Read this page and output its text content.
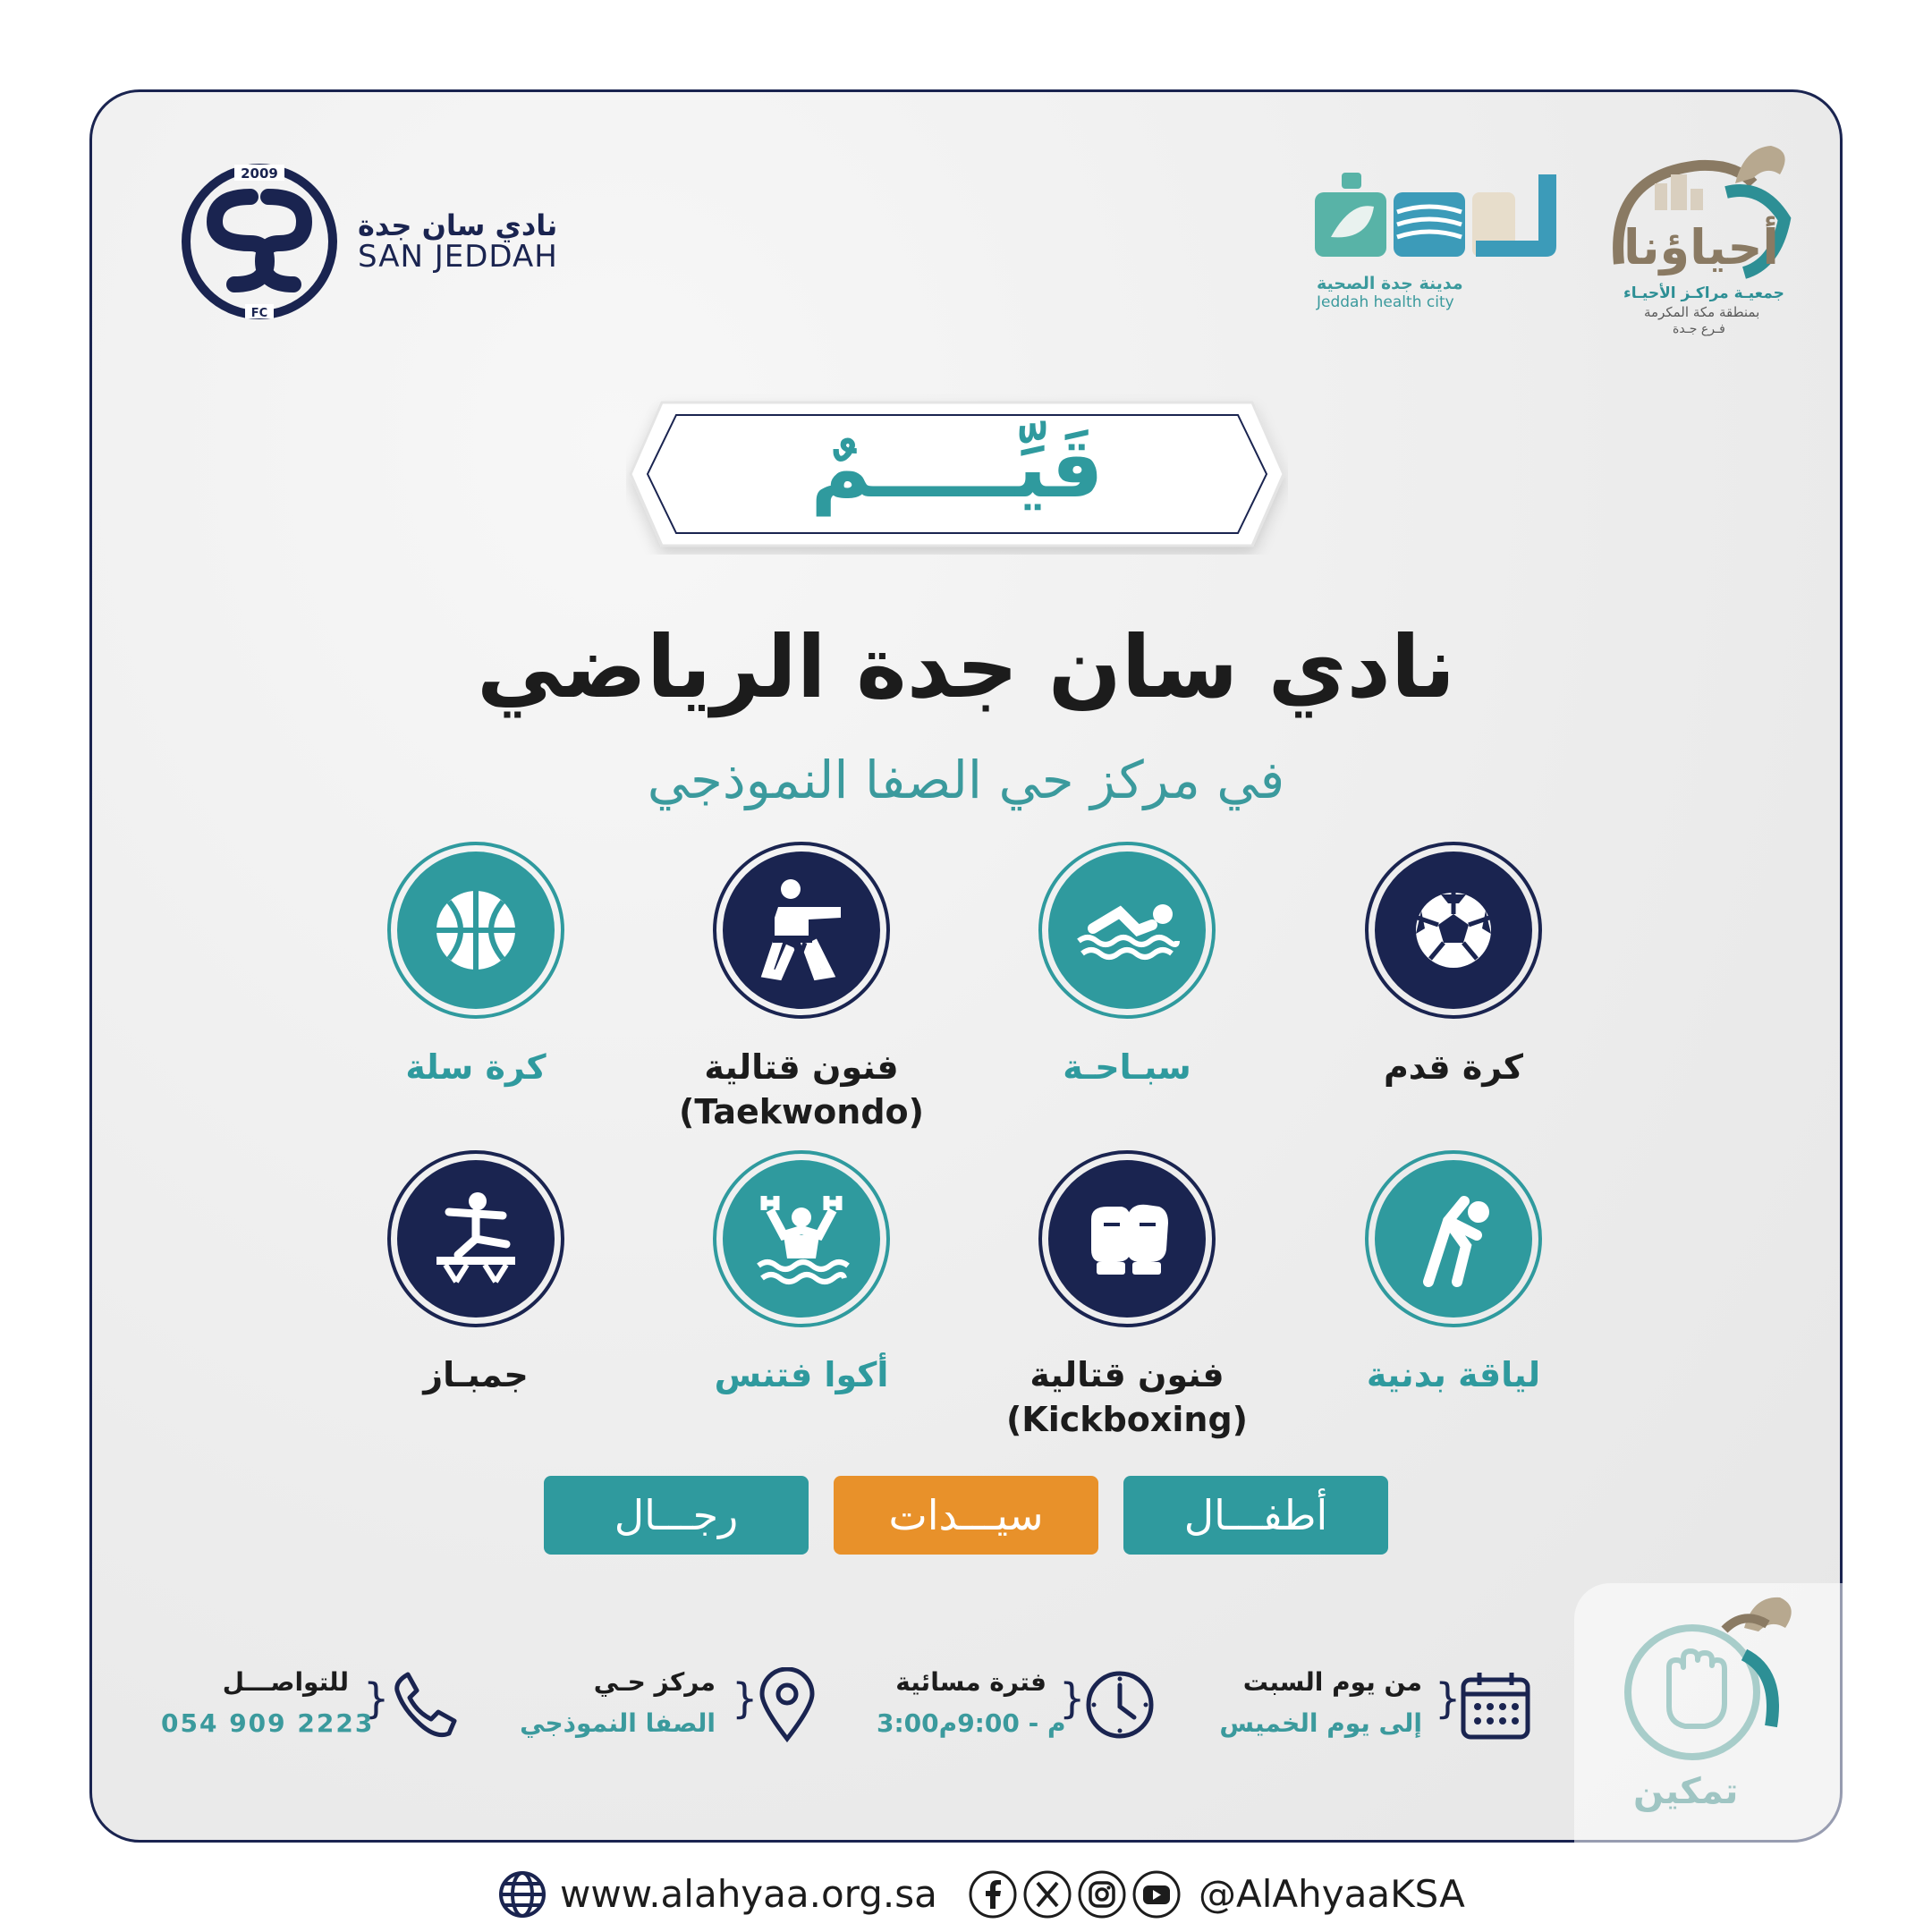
2009
FC
نادي سان جدة
SAN JEDDAH
مدينة جدة الصحية
Jeddah health city
أحياؤنا
جمعيـة مراكـز الأحيـاء
بمنطقة مكة المكرمة
فـرع جـدة
قَيِّـــــمٌ
نادي سان جدة الرياضي
في مركز حي الصفا النموذجي
كرة قدم
سبـاحـة
فنون قتالية
(Taekwondo)
كرة سلة
لياقة بدنية
فنون قتالية
(Kickboxing)
أكوا فتنس
جمبـاز
أطفـــال
سيـــدات
رجـــال
}
من يوم السبت
إلى يوم الخميس
}
فترة مسائية
3:00م - 9:00م
}
مركز حـي
الصفا النموذجي
}
للتواصـــل
054 909 2223
تمكين
www.alahyaa.org.sa	@AlAhyaaKSA
